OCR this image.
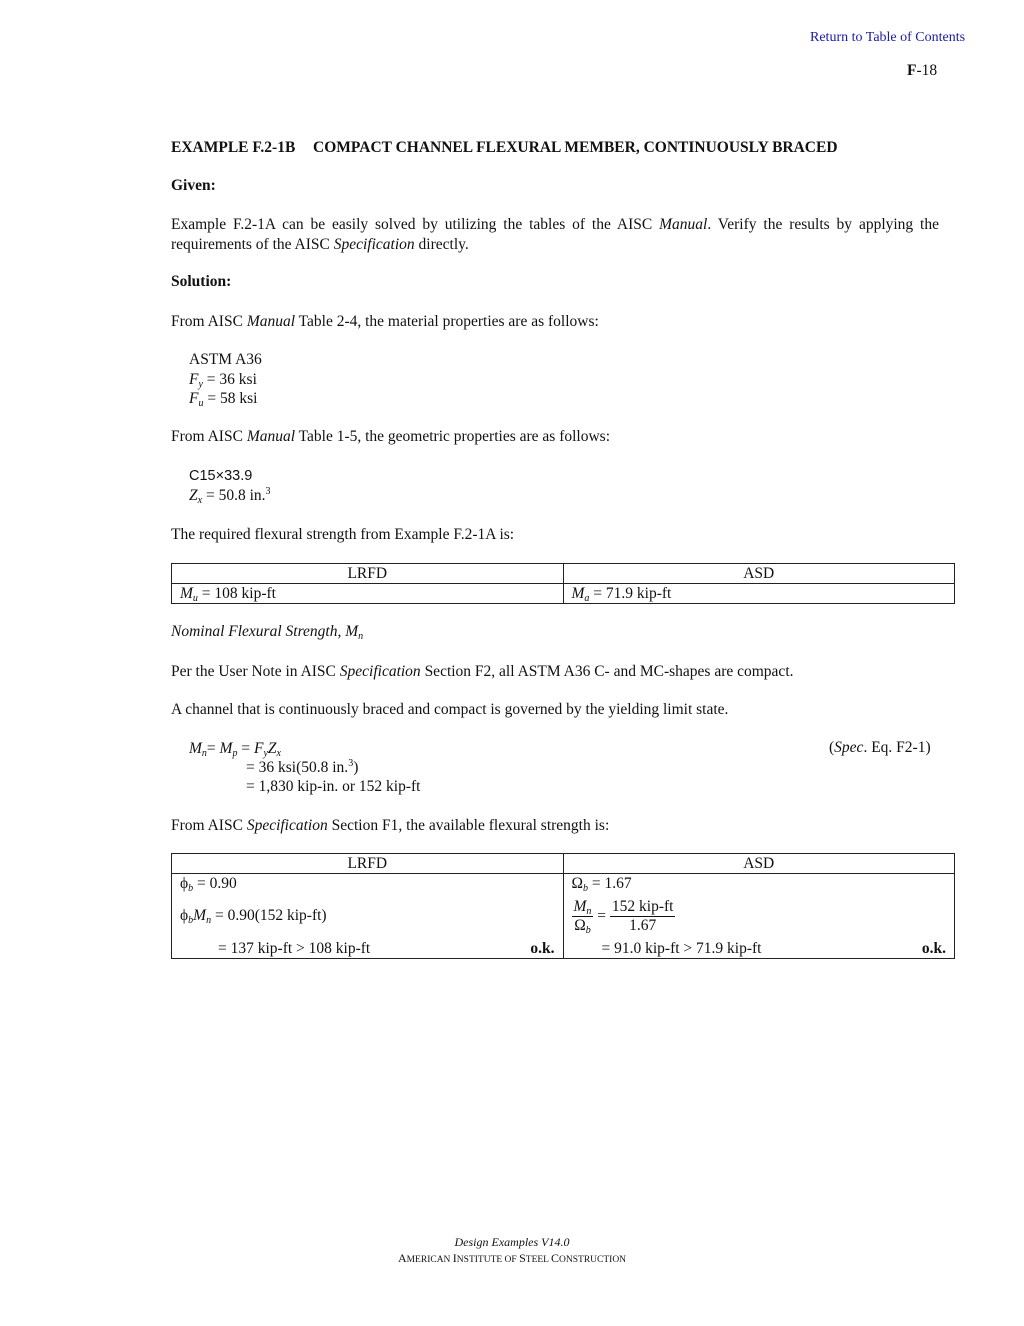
Return to Table of Contents
F-18
EXAMPLE F.2-1B COMPACT CHANNEL FLEXURAL MEMBER, CONTINUOUSLY BRACED
Given:
Example F.2-1A can be easily solved by utilizing the tables of the AISC Manual. Verify the results by applying the requirements of the AISC Specification directly.
Solution:
From AISC Manual Table 2-4, the material properties are as follows:
ASTM A36
$F_y = 36$ ksi
$F_u = 58$ ksi
From AISC Manual Table 1-5, the geometric properties are as follows:
C15×33.9
$Z_x = 50.8$ in.$^3$
The required flexural strength from Example F.2-1A is:
LRFD	ASD
$M_u = 108$ kip-ft	$M_a = 71.9$ kip-ft
Nominal Flexural Strength, $M_n$
Per the User Note in AISC Specification Section F2, all ASTM A36 C- and MC-shapes are compact.
A channel that is continuously braced and compact is governed by the yielding limit state.
$M_n= M_p = F_yZ_x$
= 36 ksi(50.8 in.$^3$)
= 1,830 kip-in. or 152 kip-ft
(Spec. Eq. F2-1)
From AISC Specification Section F1, the available flexural strength is:
LRFD	ASD
$\phi_b = 0.90$	$\Omega_b = 1.67$
$\phi_bM_n = 0.90(152$ kip-ft)	$\frac{M_n}{\Omega_b} = \frac{\text{152 kip-ft}}{1.67}$

= 137 kip-ft > 108 kip-ft o.k.	= 91.0 kip-ft > 71.9 kip-ft o.k.
Design Examples V14.0
AMERICAN INSTITUTE OF STEEL CONSTRUCTION
